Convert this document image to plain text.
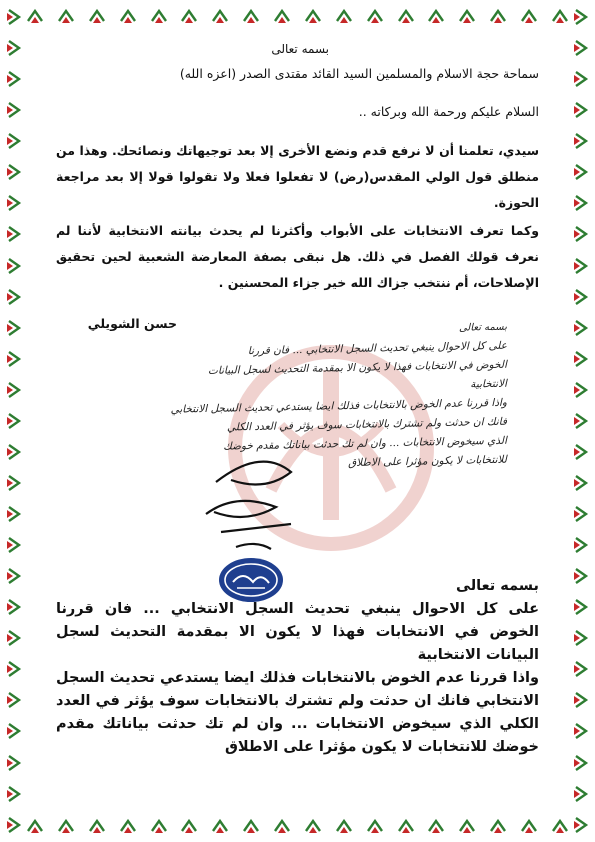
بسمه تعالى
سماحة حجة الاسلام والمسلمين السيد القائد مقتدى الصدر (اعزه الله)
السلام عليكم ورحمة الله وبركاته ..
سيدي، تعلمنا أن لا نرفع قدم ونضع الأخرى إلا بعد توجيهاتك ونصائحك. وهذا من منطلق قول الولي المقدس(رض) لا تفعلوا فعلا ولا تقولوا قولا إلا بعد مراجعة الحوزة.
وكما تعرف الانتخابات على الأبواب وأكثرنا لم يحدث بيانته الانتخابية لأننا لم نعرف قولك الفصل في ذلك. هل نبقى بصفة المعارضة الشعبية لحين تحقيق الإصلاحات، أم ننتخب جزاك الله خير جزاء المحسنين .
حسن الشويلي	بسمه تعالى
على كل الاحوال ينبغي تحديث السجل الانتخابي ... فان قررنا
الخوض في الانتخابات فهذا لا يكون الا بمقدمة التحديث لسجل البيانات
الانتخابية
واذا قررنا عدم الخوض بالانتخابات فذلك ايضا يستدعي تحديث السجل الانتخابي
فانك ان حدثت ولم تشترك بالانتخابات سوف يؤثر في العدد الكلي
الذي سيخوض الانتخابات ... وان لم تك حدثت بياناتك مقدم خوضك
للانتخابات لا يكون مؤثرا على الاطلاق
بسمه تعالى
على كل الاحوال ينبغي تحديث السجل الانتخابي ... فان قررنا الخوض في الانتخابات فهذا لا يكون الا بمقدمة التحديث لسجل البيانات الانتخابية
واذا قررنا عدم الخوض بالانتخابات فذلك ايضا يستدعي تحديث السجل الانتخابي فانك ان حدثت ولم تشترك بالانتخابات سوف يؤثر في العدد الكلي الذي سيخوض الانتخابات ... وان لم تك حدثت بياناتك مقدم خوضك للانتخابات لا يكون مؤثرا على الاطلاق
